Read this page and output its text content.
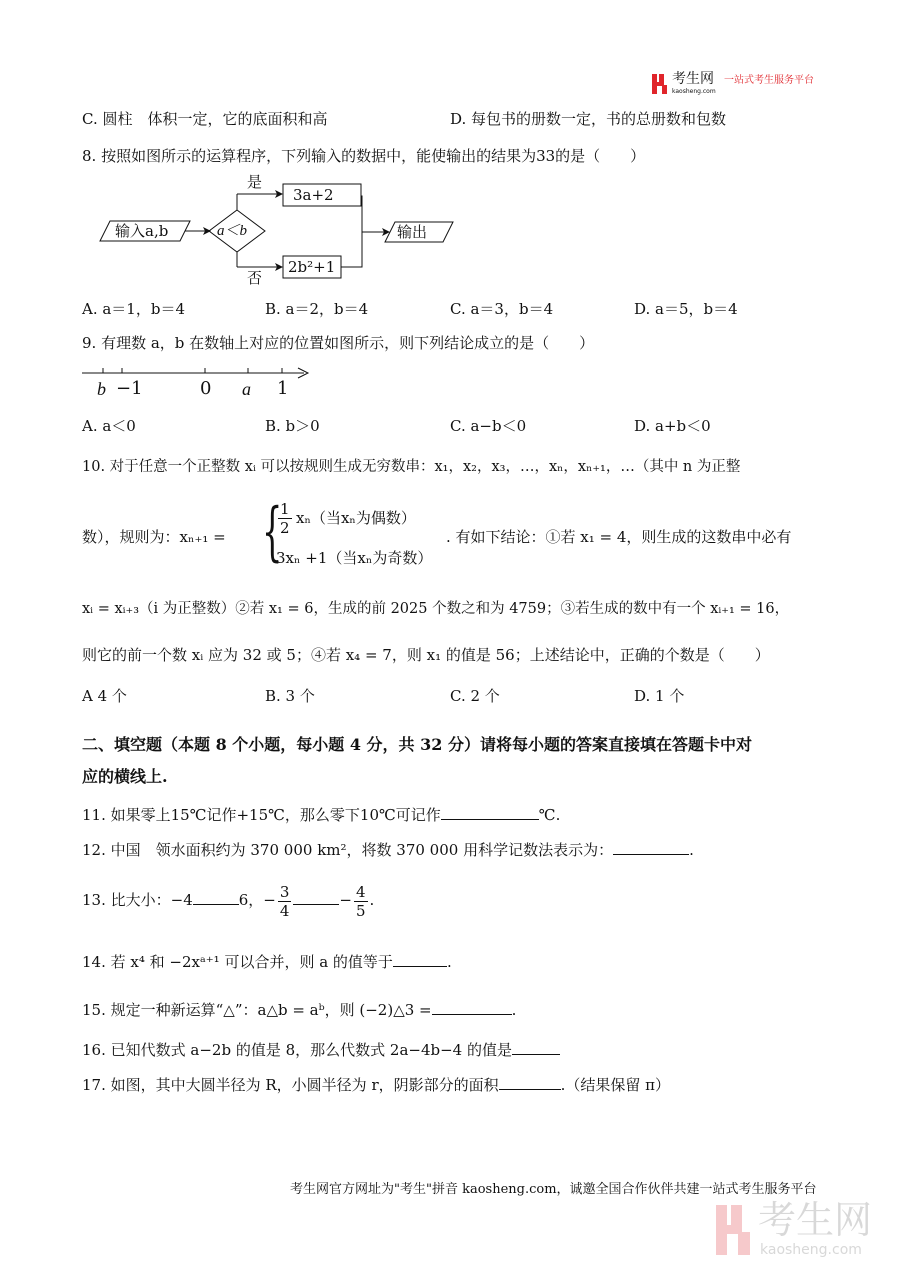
考生网
kaosheng.com
一站式考生服务平台
C. 圆柱　体积一定，它的底面积和高	D. 每包书的册数一定，书的总册数和包数
8. 按照如图所示的运算程序，下列输入的数据中，能使输出的结果为33的是（　　）
输入a,b	a＜b
是
否
3a+2
2b²+1
输出
A. a＝1，b＝4	B. a＝2，b＝4	C. a＝3，b＝4	D. a＝5，b＝4
9. 有理数 a，b 在数轴上对应的位置如图所示，则下列结论成立的是（　　）
b −1	0 a 1
A. a＜0	B. b＞0	C. a−b＜0	D. a+b＜0
10. 对于任意一个正整数 xᵢ 可以按规则生成无穷数串：x₁，x₂，x₃，…，xₙ，xₙ₊₁，…（其中 n 为正整
数），规则为：xₙ₊₁ = {
$\frac{1}{2} x_n$（当xₙ为偶数）
3xₙ +1（当xₙ为奇数）
. 有如下结论：①若 x₁ = 4，则生成的这数串中必有
xᵢ = xᵢ₊₃（i 为正整数）②若 x₁ = 6，生成的前 2025 个数之和为 4759；③若生成的数中有一个 xᵢ₊₁ = 16，
则它的前一个数 xᵢ 应为 32 或 5；④若 x₄ = 7，则 x₁ 的值是 56；上述结论中，正确的个数是（　　）
A 4 个	B. 3 个	C. 2 个	D. 1 个
二、填空题（本题 8 个小题，每小题 4 分，共 32 分）请将每小题的答案直接填在答题卡中对
应的横线上.
11. 如果零上15℃记作+15℃，那么零下10℃可记作	℃.
12. 中国　领水面积约为 370 000 km²，将数 370 000 用科学记数法表示为：	.
13. 比大小：−4	6，− $\frac{3}{4}$	− $\frac{4}{5}$ .
14. 若 x⁴ 和 −2xᵃ⁺¹ 可以合并，则 a 的值等于	.
15. 规定一种新运算“△”：a△b = aᵇ，则 (−2)△3 =	.
16. 已知代数式 a−2b 的值是 8，那么代数式 2a−4b−4 的值是
17. 如图，其中大圆半径为 R，小圆半径为 r，阴影部分的面积	.（结果保留 π）
考生网官方网址为"考生"拼音 kaosheng.com，诚邀全国合作伙伴共建一站式考生服务平台
考生网
kaosheng.com
